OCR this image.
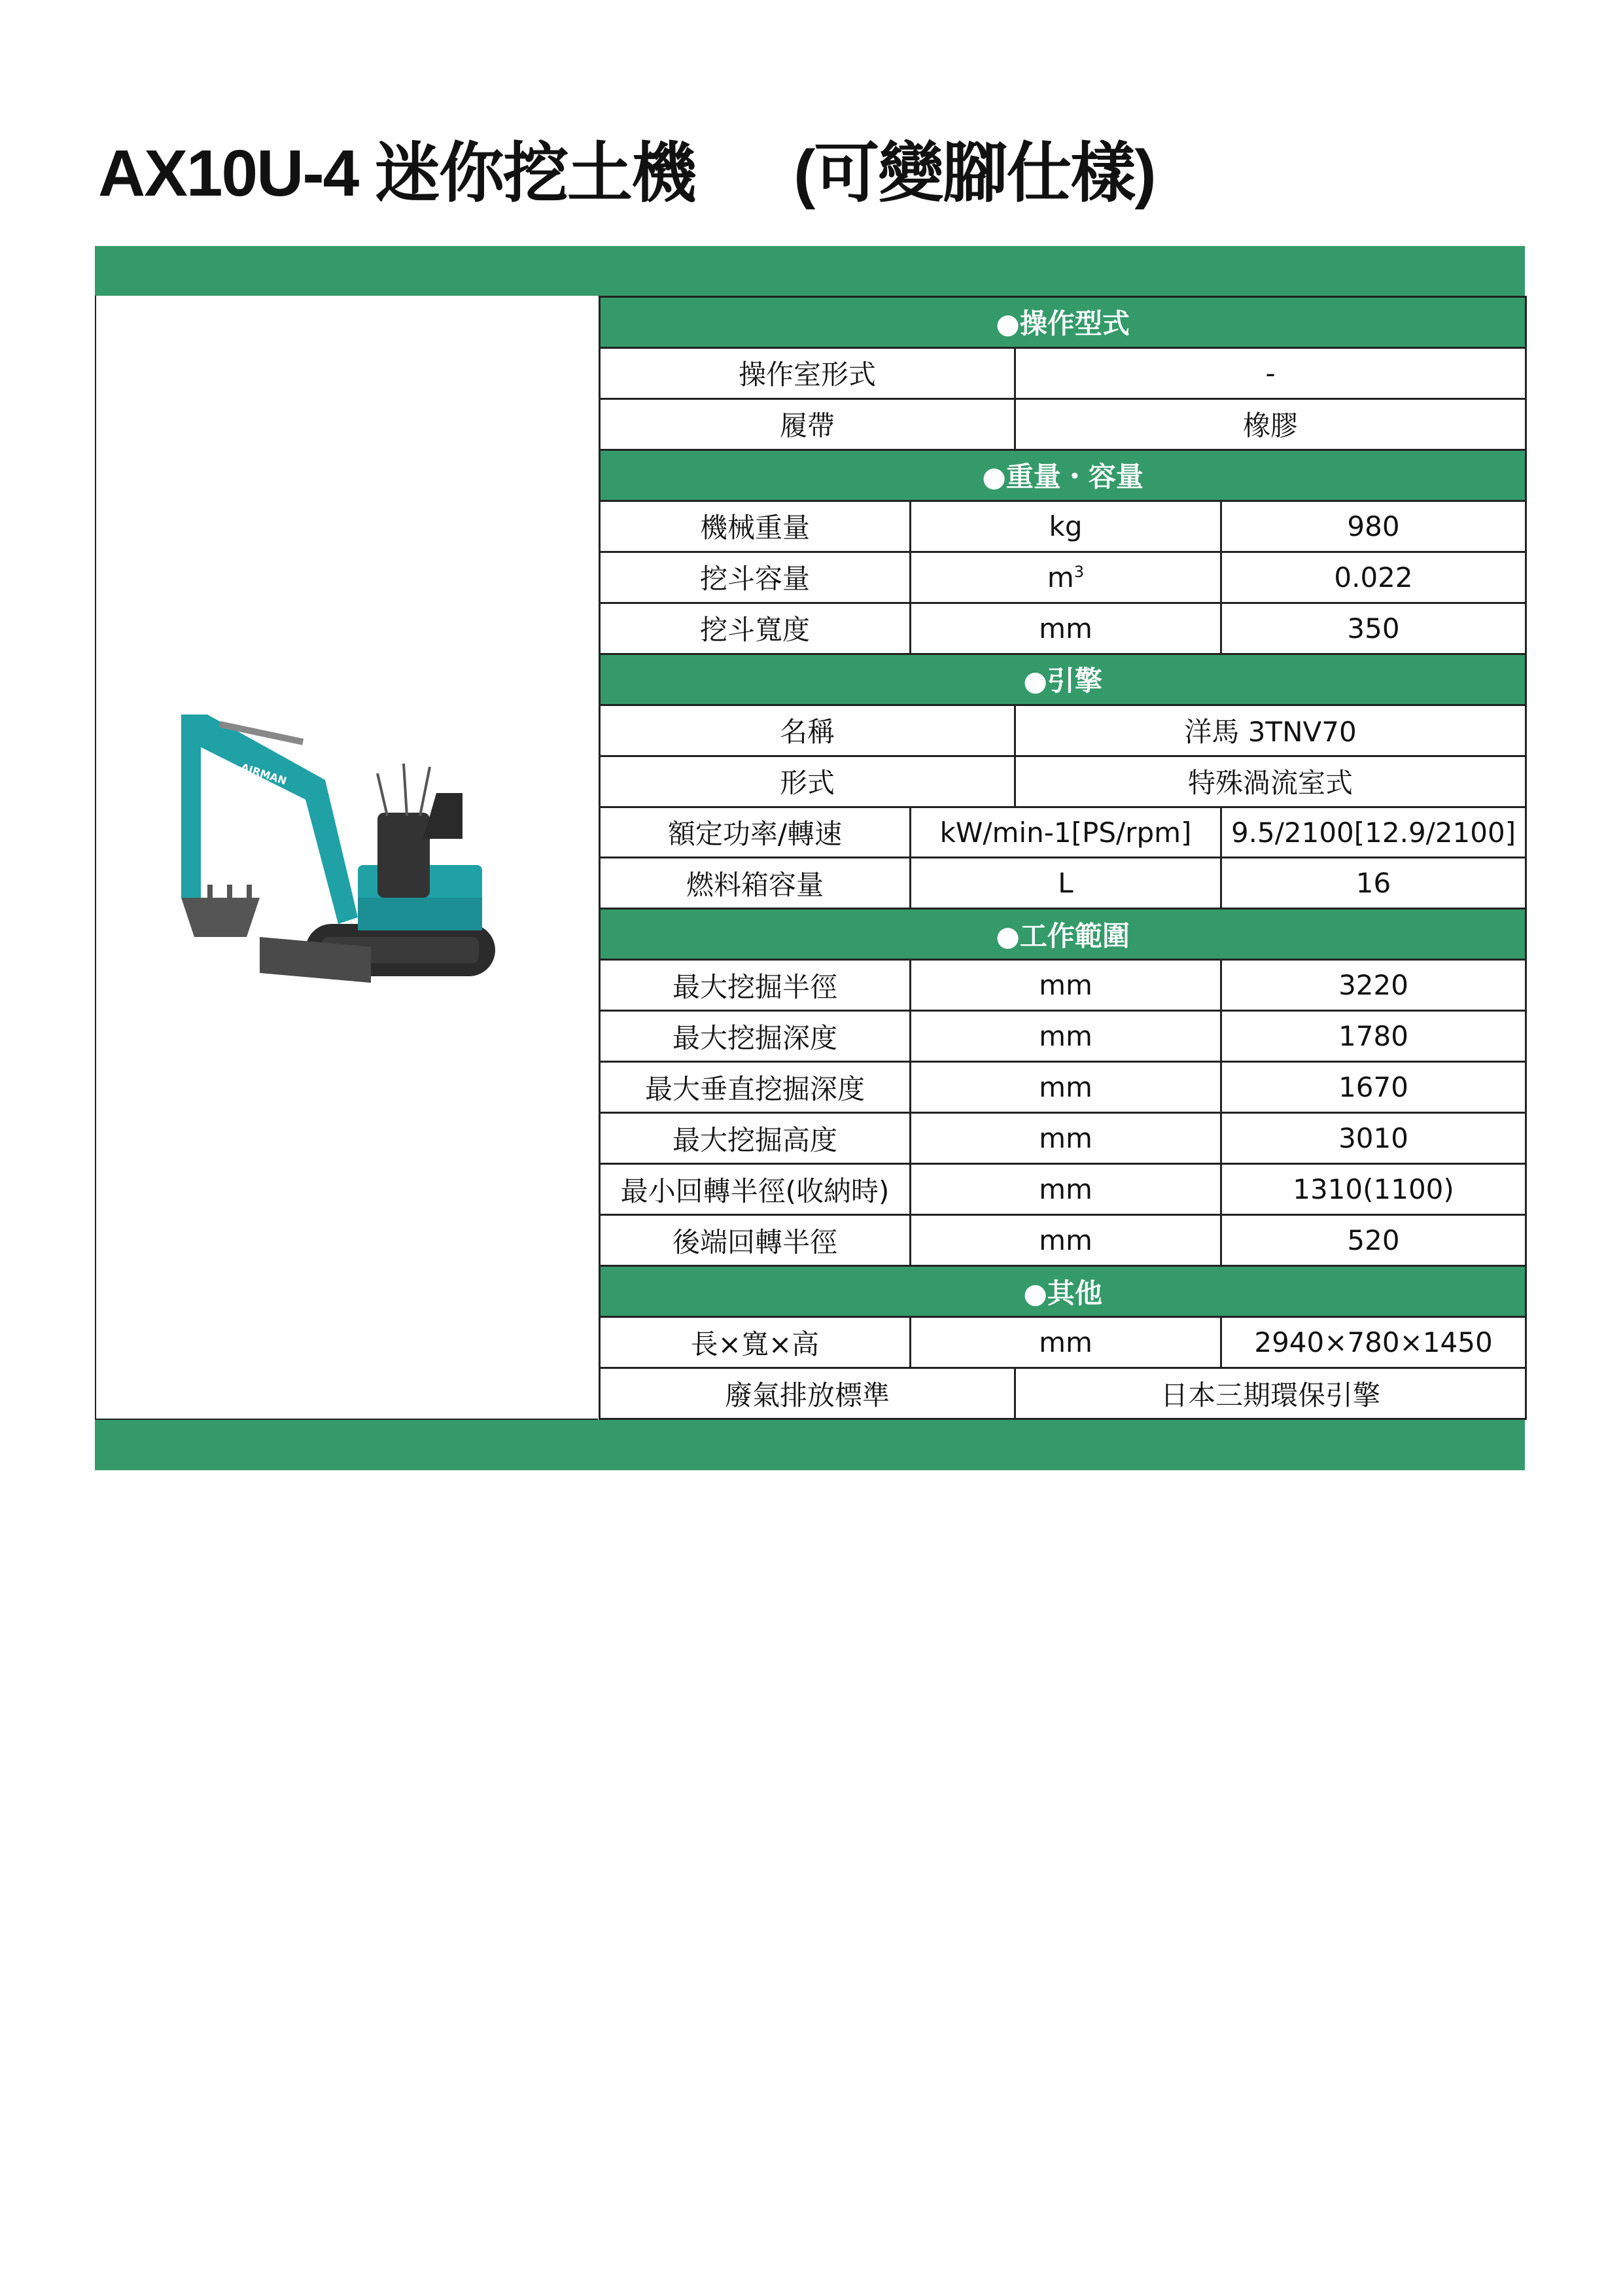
AX10U-4 迷你挖土機 (可變腳仕樣)
AIRMAN
●操作型式			
操作室形式		-	
履帶		橡膠	
●重量・容量			
機械重量	kg		980
挖斗容量	$m^3$		0.022
挖斗寬度	mm		350
●引擎			
名稱		洋馬 3TNV70	
形式		特殊渦流室式	
額定功率/轉速	kW/min-1[PS/rpm]		9.5/2100[12.9/2100]
燃料箱容量	L		16
●工作範圍			
最大挖掘半徑	mm		3220
最大挖掘深度	mm		1780
最大垂直挖掘深度	mm		1670
最大挖掘高度	mm		3010
最小回轉半徑(收納時)	mm		1310(1100)
後端回轉半徑	mm		520
●其他			
長×寬×高	mm		2940×780×1450
廢氣排放標準		日本三期環保引擎	
